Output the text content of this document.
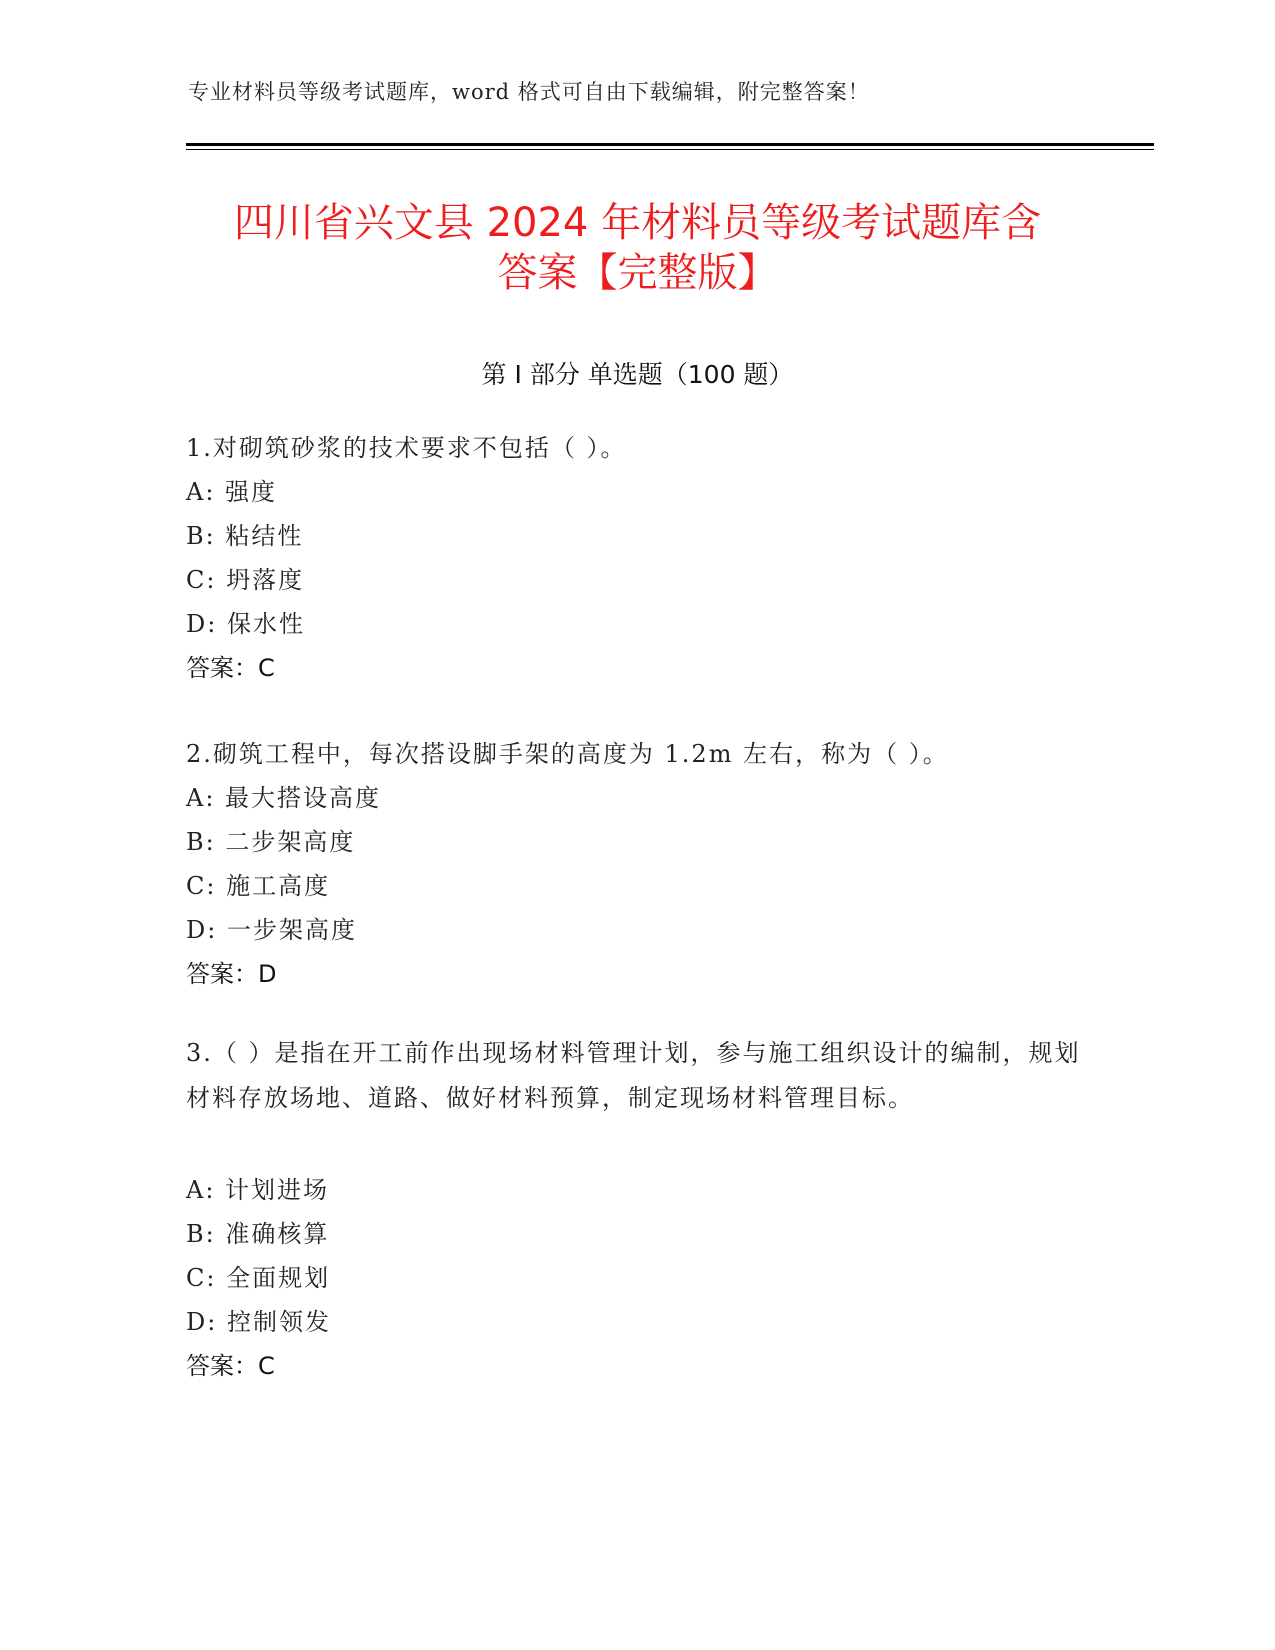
专业材料员等级考试题库，word 格式可自由下载编辑，附完整答案！
四川省兴文县 2024 年材料员等级考试题库含
答案【完整版】
第 I 部分 单选题（100 题）
1.对砌筑砂浆的技术要求不包括（ ）。
A: 强度
B: 粘结性
C: 坍落度
D: 保水性
答案：C
2.砌筑工程中，每次搭设脚手架的高度为 1.2m 左右，称为（ ）。
A: 最大搭设高度
B: 二步架高度
C: 施工高度
D: 一步架高度
答案：D
3.（ ）是指在开工前作出现场材料管理计划，参与施工组织设计的编制，规划材料存放场地、道路、做好材料预算，制定现场材料管理目标。
A: 计划进场
B: 准确核算
C: 全面规划
D: 控制领发
答案：C
